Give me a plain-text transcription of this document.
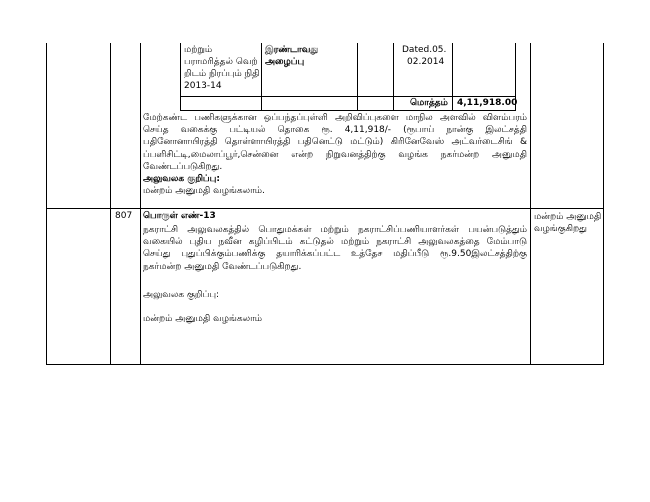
மற்றும்
பராமரித்தல் வெற்
றிடம் நிரப்பும் நிதி
2013-14
இரண்டாவது
அழைப்பு
Dated.05.
02.2014
மொத்தம் 4,11,918.00
மேற்கண்ட பணிகளுக்கான ஒப்பந்தப்புள்ளி அறிவிப்புகளை மாநில அளவில் விளம்பரம்
செய்த வகைக்கு பட்டியல் தொகை ரூ. 4,11,918/- (ரூபாய் நான்கு இலட்சத்தி
பதினோனாயிரத்தி தொள்ளாயிரத்தி பதினெட்டு மட்டும்) கிரினேவேஸ் அட்வர்டைசிங் &
ப்பளிசிட்டி,மைலாப்பூர்,சென்னை என்ற நிறுவனத்திற்கு வழங்க நகர்மன்ற அனுமதி
வேண்டப்படுகிறது.
அலுவலக குறிப்பு:
மன்றம் அனுமதி வழங்கலாம்.
807 பொருள் எண்-13
நகராட்சி அலுவலகத்தில் பொதுமக்கள் மற்றும் நகராட்சிப்பணியாளர்கள் பயன்படுத்தும்
வகையில் புதிய நவீன கழிப்பிடம் கட்டுதல் மற்றும் நகராட்சி அலுவலகத்தை மேம்பாடு
செய்து புதுப்பிக்கும்பணிக்கு தயாரிக்கப்பட்ட உத்தேச மதிப்பீடு ரூ.9.50இலட்சத்திற்கு
நகர்மன்ற அனுமதி வேண்டப்படுகிறது.
அலுவலக குறிப்பு:
மன்றம் அனுமதி வழங்கலாம்
மன்றம் அனுமதி
வழங்குகிறது
